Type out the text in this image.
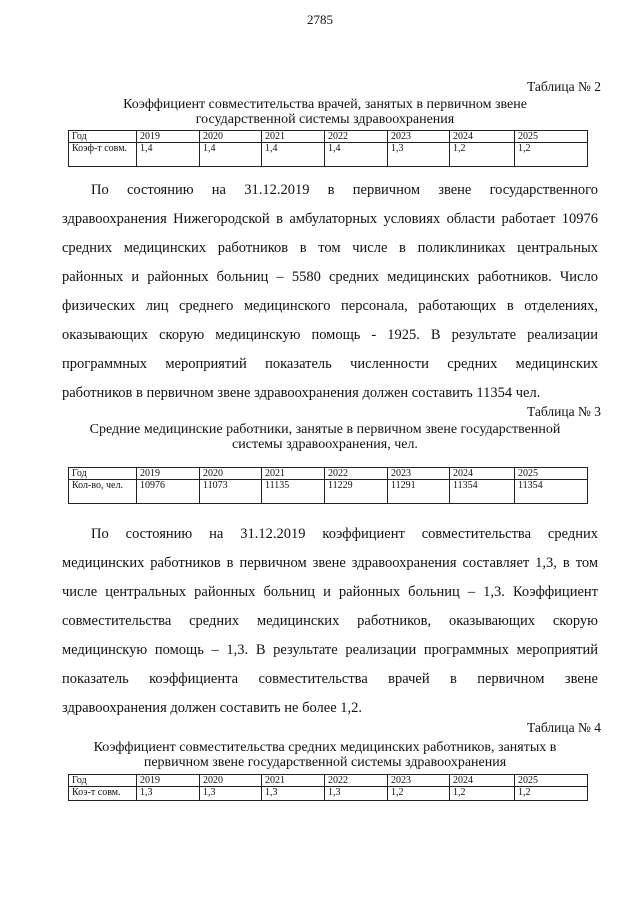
2785
Таблица № 2
Коэффициент совместительства врачей, занятых в первичном звене
государственной системы здравоохранения
Год	2019	2020	2021	2022	2023	2024	2025
Коэф-т совм.	1,4	1,4	1,4	1,4	1,3	1,2	1,2
По состоянию на 31.12.2019 в первичном звене государственного
здравоохранения Нижегородской в амбулаторных условиях области работает 10976
средних медицинских работников в том числе в поликлиниках центральных
районных и районных больниц – 5580 средних медицинских работников. Число
физических лиц среднего медицинского персонала, работающих в отделениях,
оказывающих скорую медицинскую помощь - 1925. В результате реализации
программных мероприятий показатель численности средних медицинских
работников в первичном звене здравоохранения должен составить 11354 чел.
Таблица № 3
Средние медицинские работники, занятые в первичном звене государственной
системы здравоохранения, чел.
Год	2019	2020	2021	2022	2023	2024	2025
Кол-во, чел.	10976	11073	11135	11229	11291	11354	11354
По состоянию на 31.12.2019 коэффициент совместительства средних
медицинских работников в первичном звене здравоохранения составляет 1,3, в том
числе центральных районных больниц и районных больниц – 1,3. Коэффициент
совместительства средних медицинских работников, оказывающих скорую
медицинскую помощь – 1,3. В результате реализации программных мероприятий
показатель коэффициента совместительства врачей в первичном звене
здравоохранения должен составить не более 1,2.
Таблица № 4
Коэффициент совместительства средних медицинских работников, занятых в
первичном звене государственной системы здравоохранения
Год	2019	2020	2021	2022	2023	2024	2025
Коэ-т совм.	1,3	1,3	1,3	1,3	1,2	1,2	1,2
